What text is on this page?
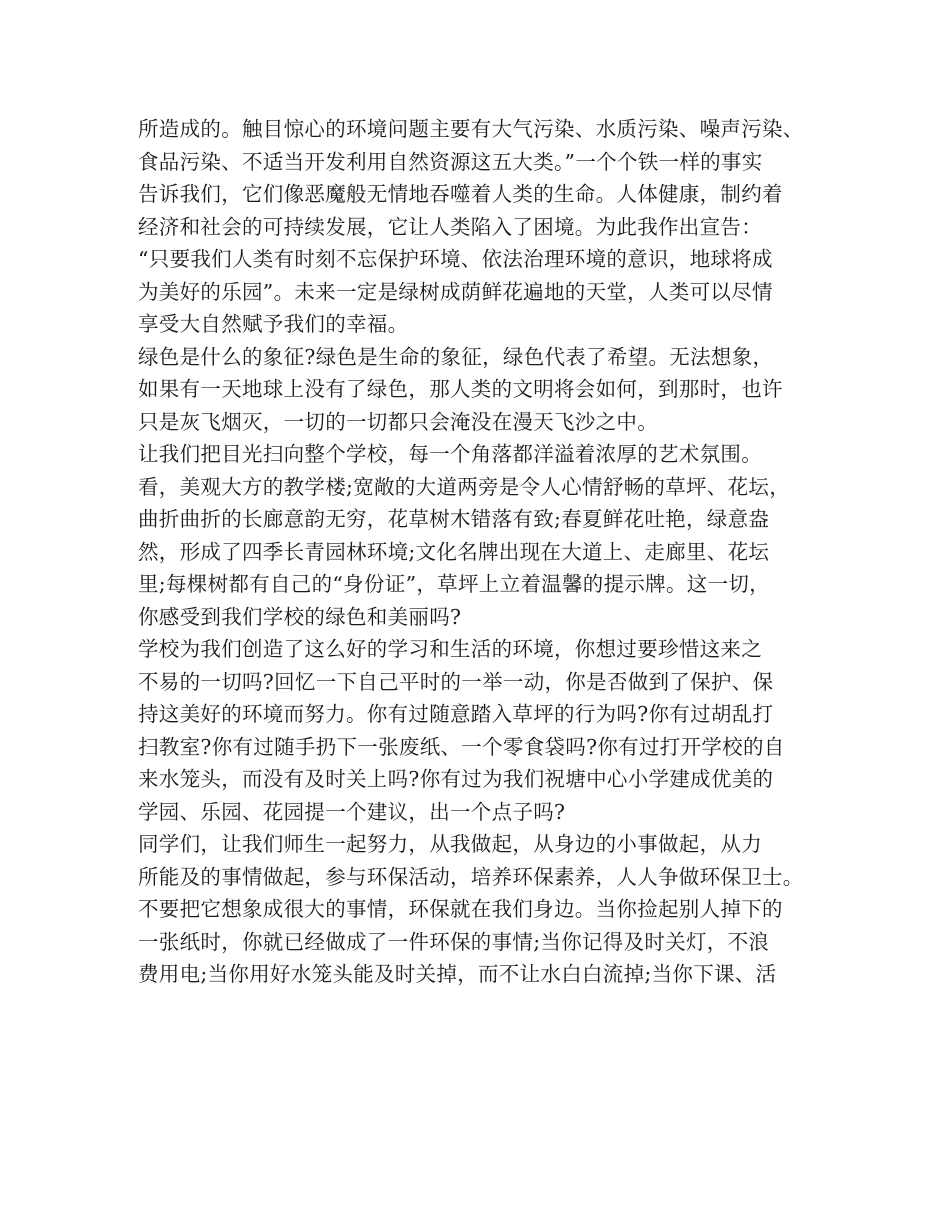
所造成的。触目惊心的环境问题主要有大气污染、水质污染、噪声污染、
食品污染、不适当开发利用自然资源这五大类。”一个个铁一样的事实
告诉我们，它们像恶魔般无情地吞噬着人类的生命。人体健康，制约着
经济和社会的可持续发展，它让人类陷入了困境。为此我作出宣告：
“只要我们人类有时刻不忘保护环境、依法治理环境的意识，地球将成
为美好的乐园”。未来一定是绿树成荫鲜花遍地的天堂，人类可以尽情
享受大自然赋予我们的幸福。
绿色是什么的象征?绿色是生命的象征，绿色代表了希望。无法想象，
如果有一天地球上没有了绿色，那人类的文明将会如何，到那时，也许
只是灰飞烟灭，一切的一切都只会淹没在漫天飞沙之中。
让我们把目光扫向整个学校，每一个角落都洋溢着浓厚的艺术氛围。
看，美观大方的教学楼;宽敞的大道两旁是令人心情舒畅的草坪、花坛，
曲折曲折的长廊意韵无穷，花草树木错落有致;春夏鲜花吐艳，绿意盎
然，形成了四季长青园林环境;文化名牌出现在大道上、走廊里、花坛
里;每棵树都有自己的“身份证”，草坪上立着温馨的提示牌。这一切，
你感受到我们学校的绿色和美丽吗?
学校为我们创造了这么好的学习和生活的环境，你想过要珍惜这来之
不易的一切吗?回忆一下自己平时的一举一动，你是否做到了保护、保
持这美好的环境而努力。你有过随意踏入草坪的行为吗?你有过胡乱打
扫教室?你有过随手扔下一张废纸、一个零食袋吗?你有过打开学校的自
来水笼头，而没有及时关上吗?你有过为我们祝塘中心小学建成优美的
学园、乐园、花园提一个建议，出一个点子吗?
同学们，让我们师生一起努力，从我做起，从身边的小事做起，从力
所能及的事情做起，参与环保活动，培养环保素养，人人争做环保卫士。
不要把它想象成很大的事情，环保就在我们身边。当你捡起别人掉下的
一张纸时，你就已经做成了一件环保的事情;当你记得及时关灯，不浪
费用电;当你用好水笼头能及时关掉，而不让水白白流掉;当你下课、活
